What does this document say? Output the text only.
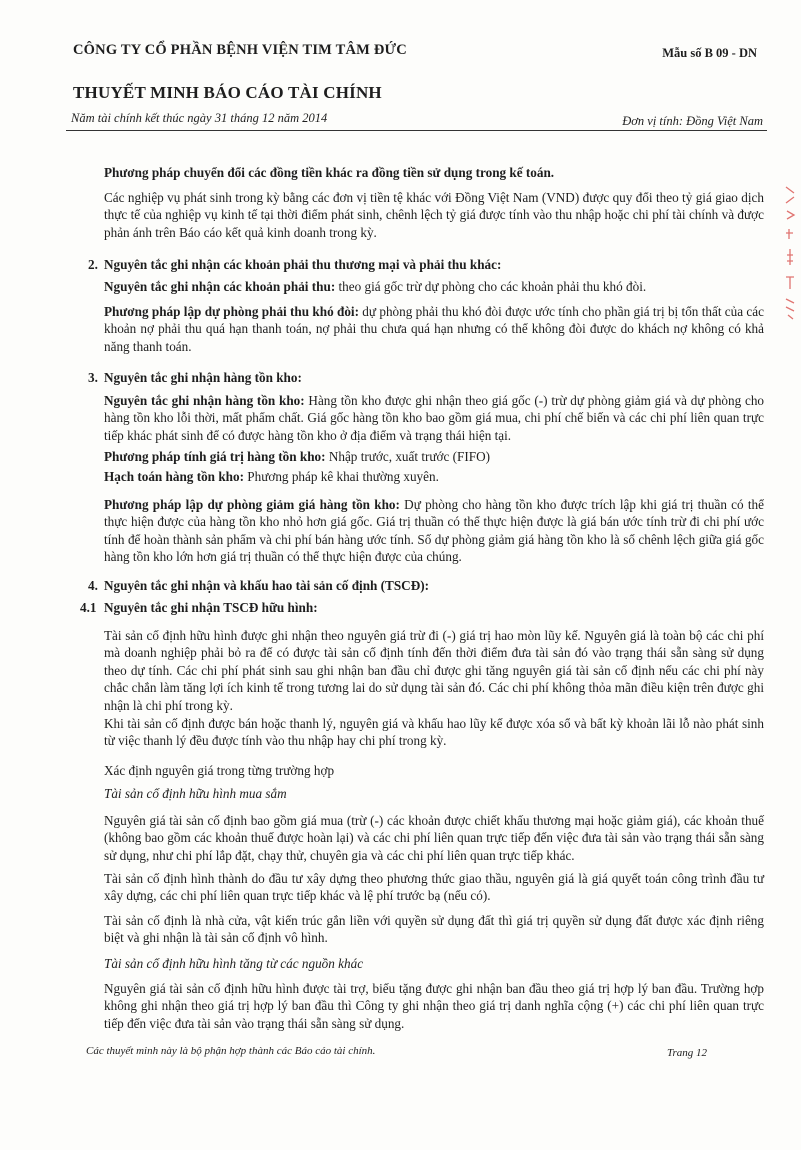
CÔNG TY CỔ PHẦN BỆNH VIỆN TIM TÂM ĐỨC	Mẫu số B 09 - DN
THUYẾT MINH BÁO CÁO TÀI CHÍNH
Năm tài chính kết thúc ngày 31 tháng 12 năm 2014	Đơn vị tính: Đồng Việt Nam
Phương pháp chuyển đổi các đồng tiền khác ra đồng tiền sử dụng trong kế toán.
Các nghiệp vụ phát sinh trong kỳ bằng các đơn vị tiền tệ khác với Đồng Việt Nam (VND) được quy đổi theo tỷ giá giao dịch thực tế của nghiệp vụ kinh tế tại thời điểm phát sinh, chênh lệch tỷ giá được tính vào thu nhập hoặc chi phí tài chính và được phản ánh trên Báo cáo kết quả kinh doanh trong kỳ.
2. Nguyên tắc ghi nhận các khoản phải thu thương mại và phải thu khác:
Nguyên tắc ghi nhận các khoản phải thu: theo giá gốc trừ dự phòng cho các khoản phải thu khó đòi.
Phương pháp lập dự phòng phải thu khó đòi: dự phòng phải thu khó đòi được ước tính cho phần giá trị bị tổn thất của các khoản nợ phải thu quá hạn thanh toán, nợ phải thu chưa quá hạn nhưng có thể không đòi được do khách nợ không có khả năng thanh toán.
3. Nguyên tắc ghi nhận hàng tồn kho:
Nguyên tắc ghi nhận hàng tồn kho: Hàng tồn kho được ghi nhận theo giá gốc (-) trừ dự phòng giảm giá và dự phòng cho hàng tồn kho lỗi thời, mất phẩm chất. Giá gốc hàng tồn kho bao gồm giá mua, chi phí chế biến và các chi phí liên quan trực tiếp khác phát sinh để có được hàng tồn kho ở địa điểm và trạng thái hiện tại.
Phương pháp tính giá trị hàng tồn kho: Nhập trước, xuất trước (FIFO)
Hạch toán hàng tồn kho: Phương pháp kê khai thường xuyên.
Phương pháp lập dự phòng giảm giá hàng tồn kho: Dự phòng cho hàng tồn kho được trích lập khi giá trị thuần có thể thực hiện được của hàng tồn kho nhỏ hơn giá gốc. Giá trị thuần có thể thực hiện được là giá bán ước tính trừ đi chi phí ước tính để hoàn thành sản phẩm và chi phí bán hàng ước tính. Số dự phòng giảm giá hàng tồn kho là số chênh lệch giữa giá gốc hàng tồn kho lớn hơn giá trị thuần có thể thực hiện được của chúng.
4. Nguyên tắc ghi nhận và khấu hao tài sản cố định (TSCĐ):
4.1 Nguyên tắc ghi nhận TSCĐ hữu hình:
Tài sản cố định hữu hình được ghi nhận theo nguyên giá trừ đi (-) giá trị hao mòn lũy kế. Nguyên giá là toàn bộ các chi phí mà doanh nghiệp phải bỏ ra để có được tài sản cố định tính đến thời điểm đưa tài sản đó vào trạng thái sẵn sàng sử dụng theo dự tính. Các chi phí phát sinh sau ghi nhận ban đầu chỉ được ghi tăng nguyên giá tài sản cố định nếu các chi phí này chắc chắn làm tăng lợi ích kinh tế trong tương lai do sử dụng tài sản đó. Các chi phí không thỏa mãn điều kiện trên được ghi nhận là chi phí trong kỳ.
Khi tài sản cố định được bán hoặc thanh lý, nguyên giá và khấu hao lũy kế được xóa sổ và bất kỳ khoản lãi lỗ nào phát sinh từ việc thanh lý đều được tính vào thu nhập hay chi phí trong kỳ.
Xác định nguyên giá trong từng trường hợp
Tài sản cố định hữu hình mua sắm
Nguyên giá tài sản cố định bao gồm giá mua (trừ (-) các khoản được chiết khấu thương mại hoặc giảm giá), các khoản thuế (không bao gồm các khoản thuế được hoàn lại) và các chi phí liên quan trực tiếp đến việc đưa tài sản vào trạng thái sẵn sàng sử dụng, như chi phí lắp đặt, chạy thử, chuyên gia và các chi phí liên quan trực tiếp khác.
Tài sản cố định hình thành do đầu tư xây dựng theo phương thức giao thầu, nguyên giá là giá quyết toán công trình đầu tư xây dựng, các chi phí liên quan trực tiếp khác và lệ phí trước bạ (nếu có).
Tài sản cố định là nhà cửa, vật kiến trúc gắn liền với quyền sử dụng đất thì giá trị quyền sử dụng đất được xác định riêng biệt và ghi nhận là tài sản cố định vô hình.
Tài sản cố định hữu hình tăng từ các nguồn khác
Nguyên giá tài sản cố định hữu hình được tài trợ, biếu tặng được ghi nhận ban đầu theo giá trị hợp lý ban đầu. Trường hợp không ghi nhận theo giá trị hợp lý ban đầu thì Công ty ghi nhận theo giá trị danh nghĩa cộng (+) các chi phí liên quan trực tiếp đến việc đưa tài sản vào trạng thái sẵn sàng sử dụng.
Các thuyết minh này là bộ phận hợp thành các Báo cáo tài chính.	Trang 12
